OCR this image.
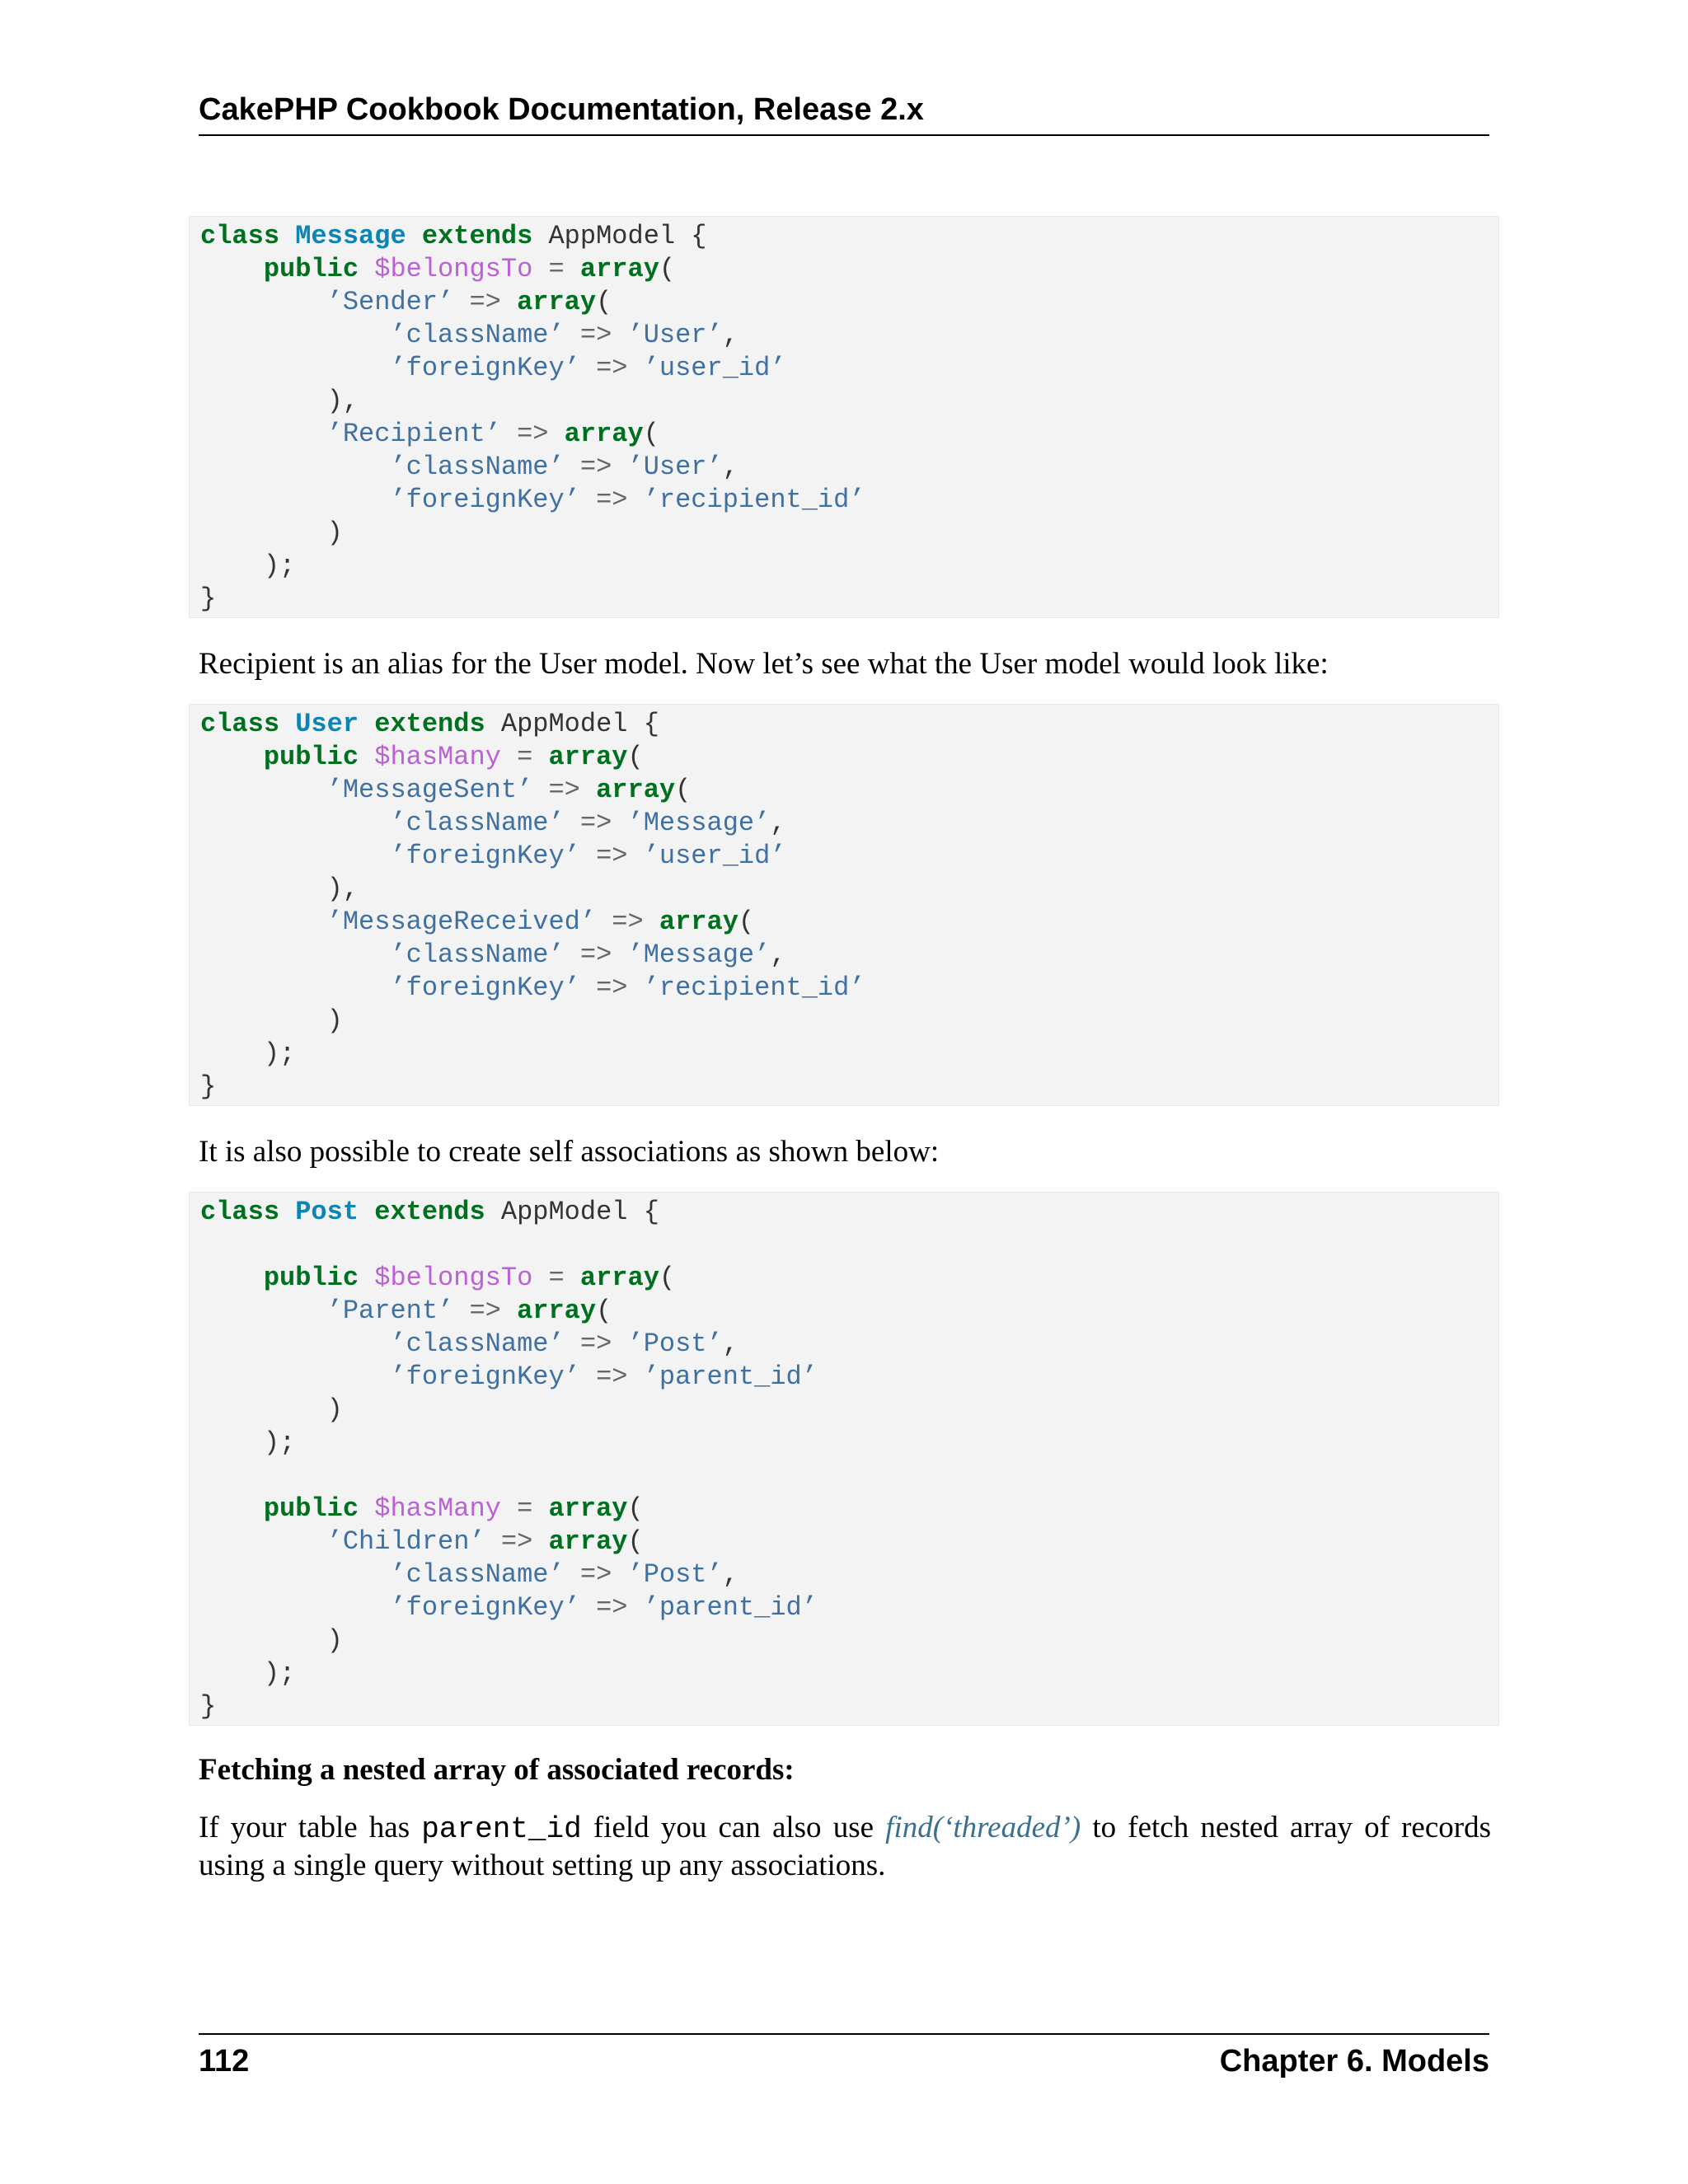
CakePHP Cookbook Documentation, Release 2.x
class Message extends AppModel {
public $belongsTo = array(
’Sender’ => array(
’className’ => ’User’,
’foreignKey’ => ’user_id’
),
’Recipient’ => array(
’className’ => ’User’,
’foreignKey’ => ’recipient_id’
)
);
}
Recipient is an alias for the User model. Now let’s see what the User model would look like:
class User extends AppModel {
public $hasMany = array(
’MessageSent’ => array(
’className’ => ’Message’,
’foreignKey’ => ’user_id’
),
’MessageReceived’ => array(
’className’ => ’Message’,
’foreignKey’ => ’recipient_id’
)
);
}
It is also possible to create self associations as shown below:
class Post extends AppModel {
public $belongsTo = array(
’Parent’ => array(
’className’ => ’Post’,
’foreignKey’ => ’parent_id’
)
);
public $hasMany = array(
’Children’ => array(
’className’ => ’Post’,
’foreignKey’ => ’parent_id’
)
);
}
Fetching a nested array of associated records:
If your table has parent_id field you can also use find(‘threaded’) to fetch nested array of records using a single query without setting up any associations.
112	Chapter 6. Models
